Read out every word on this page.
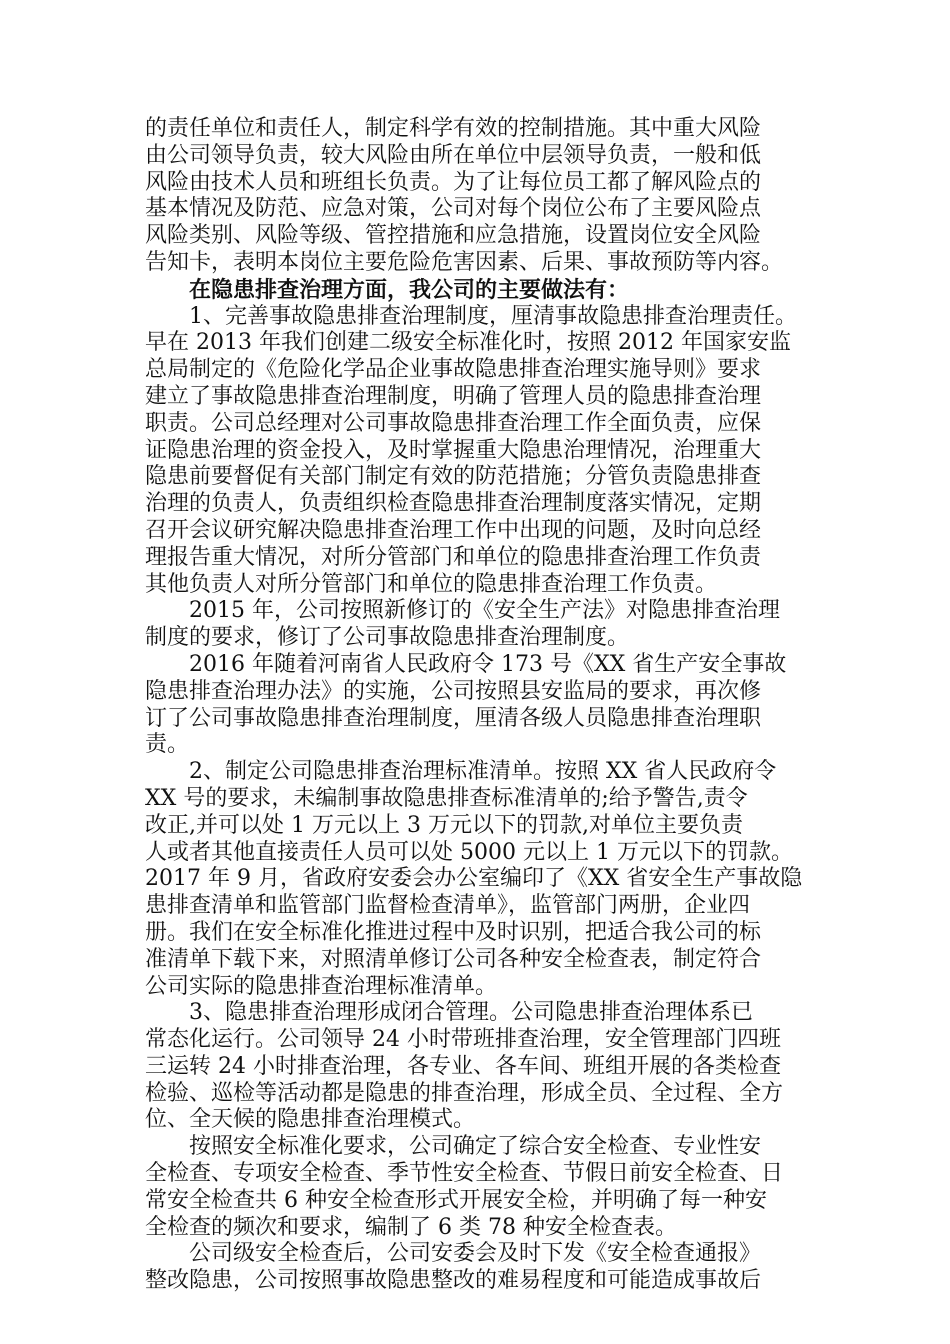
的责任单位和责任人，制定科学有效的控制措施。其中重大风险
由公司领导负责，较大风险由所在单位中层领导负责，一般和低
风险由技术人员和班组长负责。为了让每位员工都了解风险点的
基本情况及防范、应急对策，公司对每个岗位公布了主要风险点
风险类别、风险等级、管控措施和应急措施，设置岗位安全风险
告知卡，表明本岗位主要危险危害因素、后果、事故预防等内容。
在隐患排查治理方面，我公司的主要做法有：
1、完善事故隐患排查治理制度，厘清事故隐患排查治理责任。
早在 2013 年我们创建二级安全标准化时，按照 2012 年国家安监
总局制定的《危险化学品企业事故隐患排查治理实施导则》要求
建立了事故隐患排查治理制度，明确了管理人员的隐患排查治理
职责。公司总经理对公司事故隐患排查治理工作全面负责，应保
证隐患治理的资金投入，及时掌握重大隐患治理情况，治理重大
隐患前要督促有关部门制定有效的防范措施；分管负责隐患排查
治理的负责人，负责组织检查隐患排查治理制度落实情况，定期
召开会议研究解决隐患排查治理工作中出现的问题，及时向总经
理报告重大情况，对所分管部门和单位的隐患排查治理工作负责
其他负责人对所分管部门和单位的隐患排查治理工作负责。
2015 年，公司按照新修订的《安全生产法》对隐患排查治理
制度的要求，修订了公司事故隐患排查治理制度。
2016 年随着河南省人民政府令 173 号《XX 省生产安全事故
隐患排查治理办法》的实施，公司按照县安监局的要求，再次修
订了公司事故隐患排查治理制度，厘清各级人员隐患排查治理职
责。
2、制定公司隐患排查治理标准清单。按照 XX 省人民政府令
XX 号的要求，未编制事故隐患排查标准清单的;给予警告,责令
改正,并可以处 1 万元以上 3 万元以下的罚款,对单位主要负责
人或者其他直接责任人员可以处 5000 元以上 1 万元以下的罚款。
2017 年 9 月，省政府安委会办公室编印了《XX 省安全生产事故隐
患排查清单和监管部门监督检查清单》，监管部门两册，企业四
册。我们在安全标准化推进过程中及时识别，把适合我公司的标
准清单下载下来，对照清单修订公司各种安全检查表，制定符合
公司实际的隐患排查治理标准清单。
3、隐患排查治理形成闭合管理。公司隐患排查治理体系已
常态化运行。公司领导 24 小时带班排查治理，安全管理部门四班
三运转 24 小时排查治理，各专业、各车间、班组开展的各类检查
检验、巡检等活动都是隐患的排查治理，形成全员、全过程、全方
位、全天候的隐患排查治理模式。
按照安全标准化要求，公司确定了综合安全检查、专业性安
全检查、专项安全检查、季节性安全检查、节假日前安全检查、日
常安全检查共 6 种安全检查形式开展安全检，并明确了每一种安
全检查的频次和要求，编制了 6 类 78 种安全检查表。
公司级安全检查后，公司安委会及时下发《安全检查通报》
整改隐患，公司按照事故隐患整改的难易程度和可能造成事故后
